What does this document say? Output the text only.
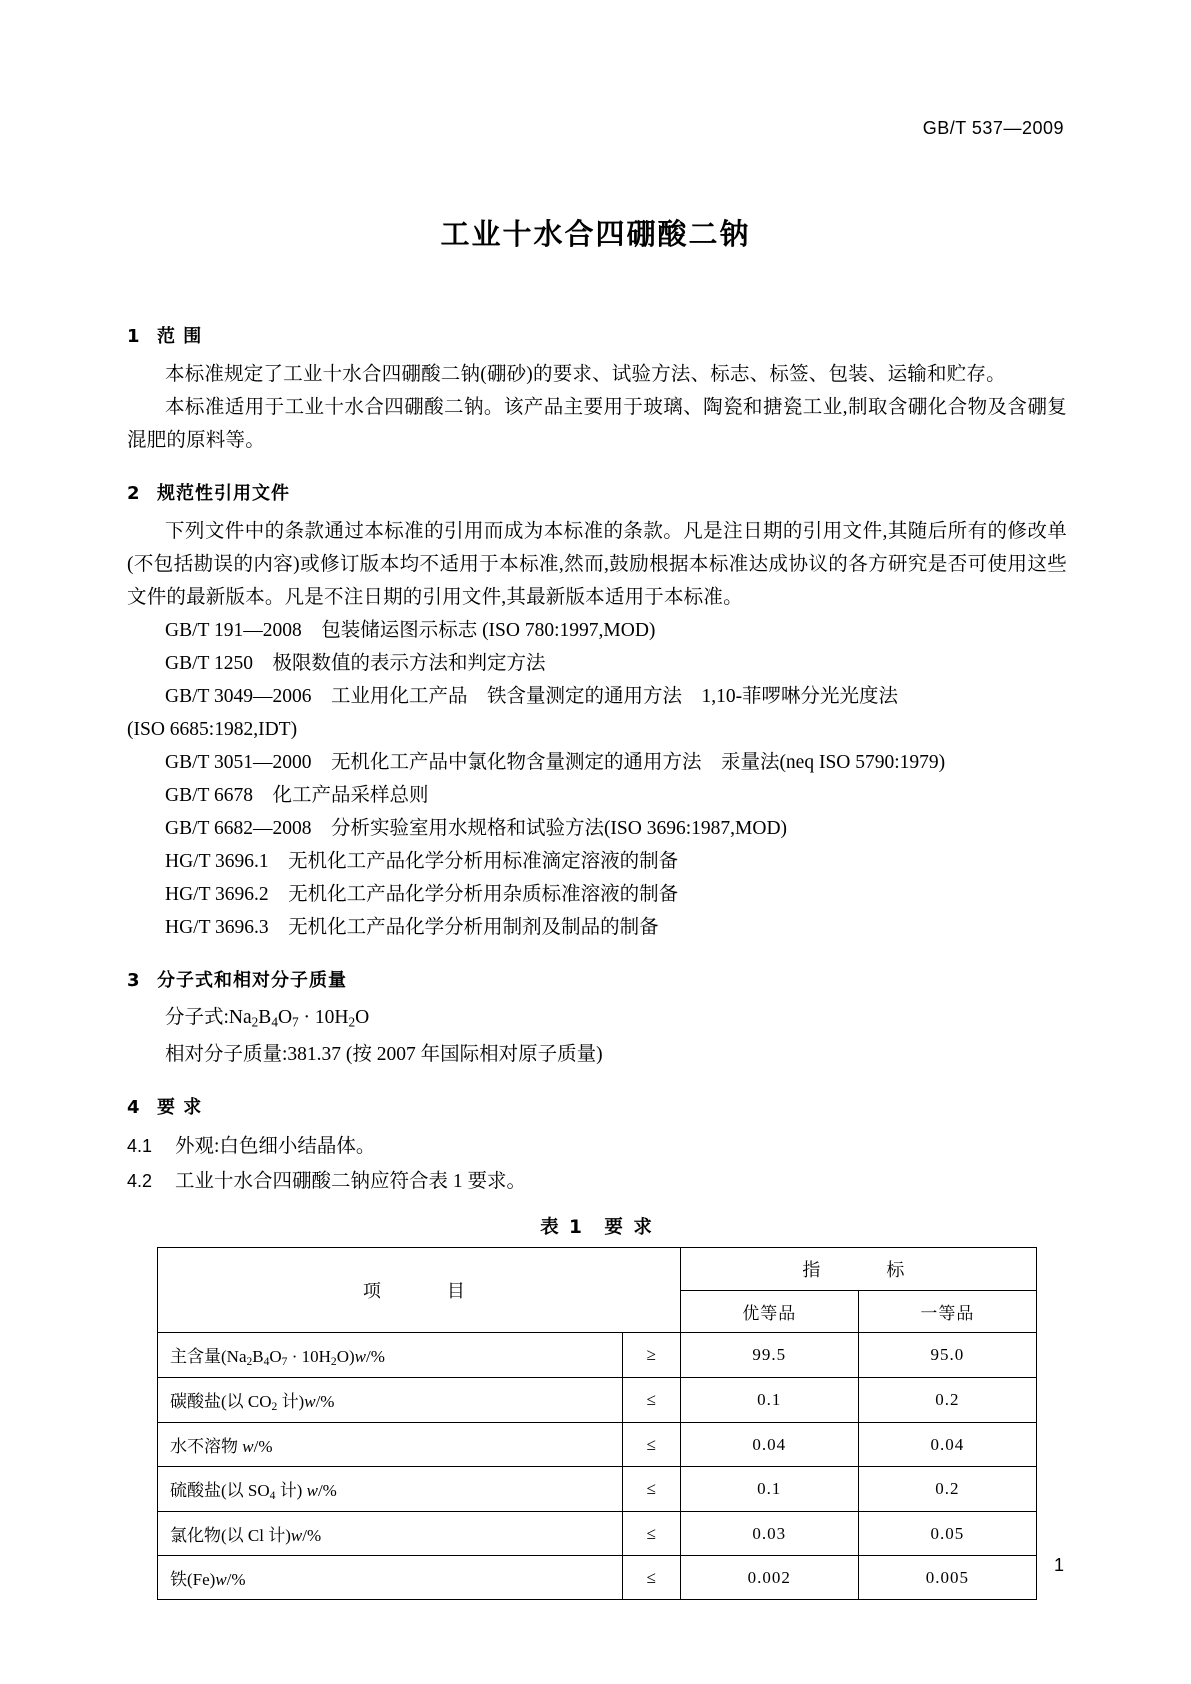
GB/T 537—2009
工业十水合四硼酸二钠
1 范 围

本标准规定了工业十水合四硼酸二钠(硼砂)的要求、试验方法、标志、标签、包装、运输和贮存。

本标准适用于工业十水合四硼酸二钠。该产品主要用于玻璃、陶瓷和搪瓷工业,制取含硼化合物及含硼复混肥的原料等。

2 规范性引用文件

下列文件中的条款通过本标准的引用而成为本标准的条款。凡是注日期的引用文件,其随后所有的修改单(不包括勘误的内容)或修订版本均不适用于本标准,然而,鼓励根据本标准达成协议的各方研究是否可使用这些文件的最新版本。凡是不注日期的引用文件,其最新版本适用于本标准。

GB/T 191—2008　包装储运图示标志 (ISO 780:1997,MOD)

GB/T 1250　极限数值的表示方法和判定方法

GB/T 3049—2006　工业用化工产品　铁含量测定的通用方法　1,10-菲啰啉分光光度法

(ISO 6685:1982,IDT)

GB/T 3051—2000　无机化工产品中氯化物含量测定的通用方法　汞量法(neq ISO 5790:1979)

GB/T 6678　化工产品采样总则

GB/T 6682—2008　分析实验室用水规格和试验方法(ISO 3696:1987,MOD)

HG/T 3696.1　无机化工产品化学分析用标准滴定溶液的制备

HG/T 3696.2　无机化工产品化学分析用杂质标准溶液的制备

HG/T 3696.3　无机化工产品化学分析用制剂及制品的制备

3 分子式和相对分子质量

分子式$:Na_2B_4O_7 \cdot 10H_2O$

相对分子质量:381.37 (按 2007 年国际相对原子质量)

4 要 求

4.1 外观:白色细小结晶体。

4.2 工业十水合四硼酸二钠应符合表 1 要求。

表 1　要 求
项　　目		指　　标	
		优等品	一等品
主含量$(Na_2B_4O_7 \cdot 10H_2O)w/\%$	≥	99.5	95.0
碳酸盐(以 $CO_2$ 计)w/%	≤	0.1	0.2
水不溶物 w/%	≤	0.04	0.04
硫酸盐(以 $SO_4$ 计) w/%	≤	0.1	0.2
氯化物(以 Cl 计)w/%	≤	0.03	0.05
铁(Fe)w/%	≤	0.002	0.005
1
